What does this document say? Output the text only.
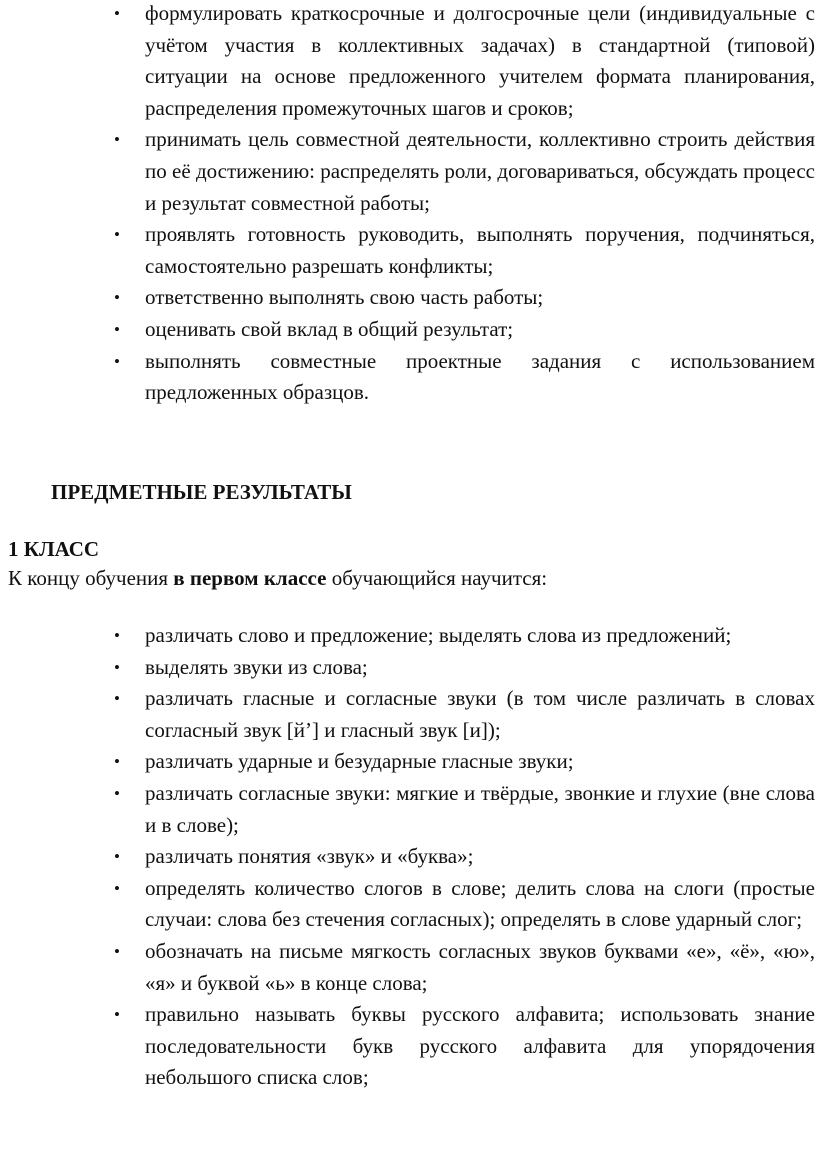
• формулировать краткосрочные и долгосрочные цели (индивидуальные с учётом участия в коллективных задачах) в стандартной (типовой) ситуации на основе предложенного учителем формата планирования, распределения промежуточных шагов и сроков;
• принимать цель совместной деятельности, коллективно строить действия по её достижению: распределять роли, договариваться, обсуждать процесс и результат совместной работы;
• проявлять готовность руководить, выполнять поручения, подчиняться, самостоятельно разрешать конфликты;
• ответственно выполнять свою часть работы;
• оценивать свой вклад в общий результат;
• выполнять совместные проектные задания с использованием предложенных образцов.
ПРЕДМЕТНЫЕ РЕЗУЛЬТАТЫ
1 КЛАСС

К концу обучения в первом классе обучающийся научится:

• различать слово и предложение; выделять слова из предложений;
• выделять звуки из слова;
• различать гласные и согласные звуки (в том числе различать в словах согласный звук [й’] и гласный звук [и]);
• различать ударные и безударные гласные звуки;
• различать согласные звуки: мягкие и твёрдые, звонкие и глухие (вне слова и в слове);
• различать понятия «звук» и «буква»;
• определять количество слогов в слове; делить слова на слоги (простые случаи: слова без стечения согласных); определять в слове ударный слог;
• обозначать на письме мягкость согласных звуков буквами «е», «ё», «ю», «я» и буквой «ь» в конце слова;
• правильно называть буквы русского алфавита; использовать знание последовательности букв русского алфавита для упорядочения небольшого списка слов;
